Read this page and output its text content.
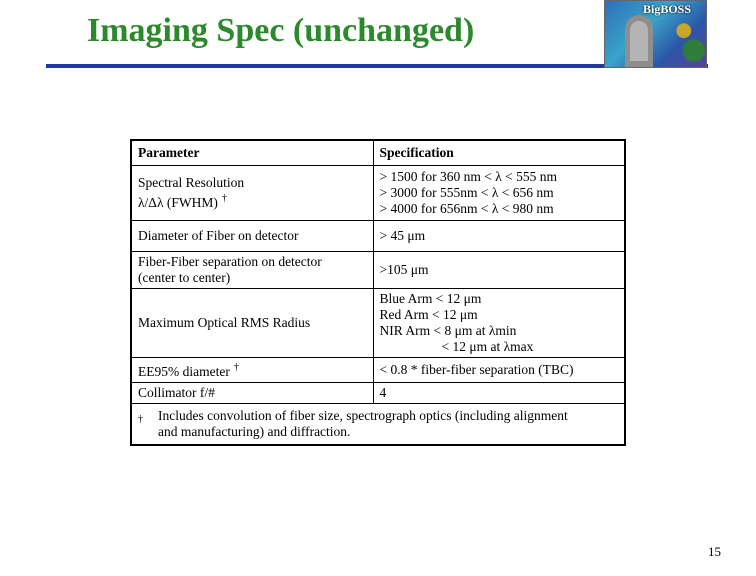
Imaging Spec (unchanged)
BigBOSS
Parameter	Specification

Spectral Resolution
λ/Δλ (FWHM) †	> 1500 for 360 nm < λ < 555 nm
> 3000 for 555nm < λ < 656 nm
> 4000 for 656nm < λ < 980 nm

Diameter of Fiber on detector	> 45 μm

Fiber-Fiber separation on detector
(center to center)	>105 μm
Maximum Optical RMS Radius	Blue Arm < 12 μm
Red Arm < 12 μm
NIR Arm < 8 μm at λmin
< 12 μm at λmax

EE95% diameter †	< 0.8 * fiber-fiber separation (TBC)
Collimator f/#	4

† Includes convolution of fiber size, spectrograph optics (including alignment
and manufacturing) and diffraction.	
15
